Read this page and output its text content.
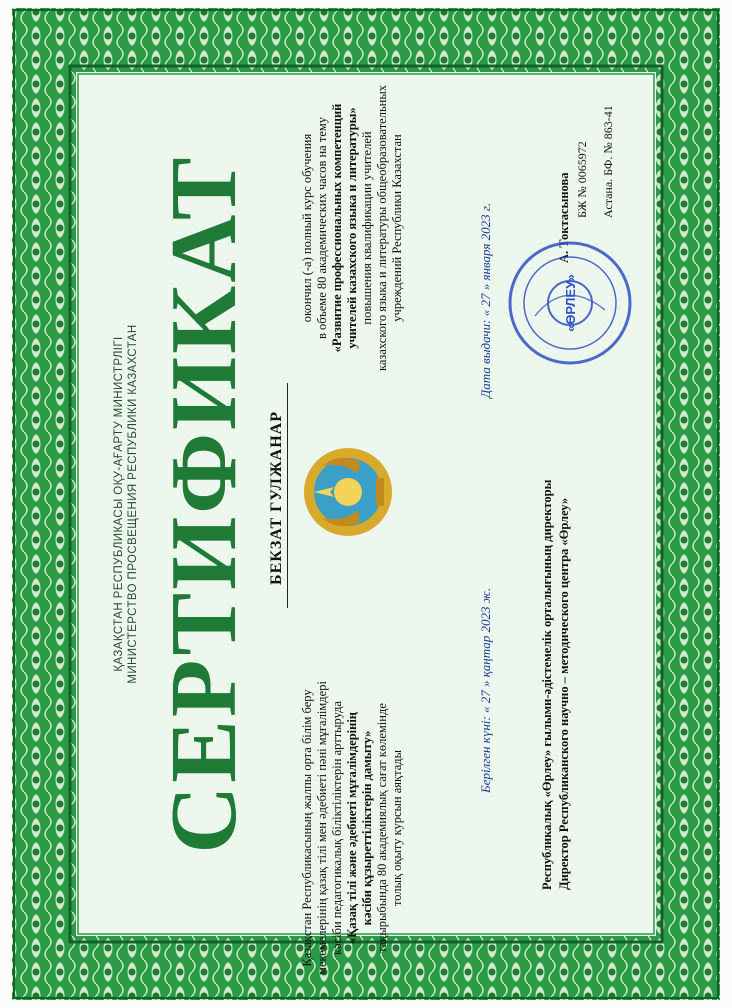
ҚАЗАҚСТАН РЕСПУБЛИКАСЫ ОҚУ-АҒАРТУ МИНИСТРЛІГІ МИНИСТЕРСТВО ПРОСВЕЩЕНИЯ РЕСПУБЛИКИ КАЗАХСТАН СЕРТИФИКАТ БЕКЗАТ ГУЛЖАНАР
Қазақстан Республикасының жалпы орта білім беру мекемелерінің қазақ тілі мен әдебиеті пәні мұғалімдері кәсіби педагогикалық біліктіліктерін арттыруда «Қазақ тілі және әдебиеті мұғалімдерінің кәсіби құзыреттіліктерін дамыту» тақырыбында 80 академиялық сағат көлемінде толық оқыту курсын аяқтады
окончил (-а) полный курс обучения в объеме 80 академических часов на тему «Развитие профессиональных компетенций учителей казахского языка и литературы» повышения квалификации учителей казахского языка и литературы общеобразовательных учреждений Республики Казахстан
Берілген күні: « 27 » қаңтар 2023 ж.
Дата выдачи: « 27 » января 2023 г.
Республикалық «Өрлеу» ғылыми-әдістемелік орталығының директоры Директор Республиканского научно – методического центра «Өрлеу»
А. Токтасынова БЖ № 0065972 Астана. БФ. № 863-41
«ӨРЛЕУ»
